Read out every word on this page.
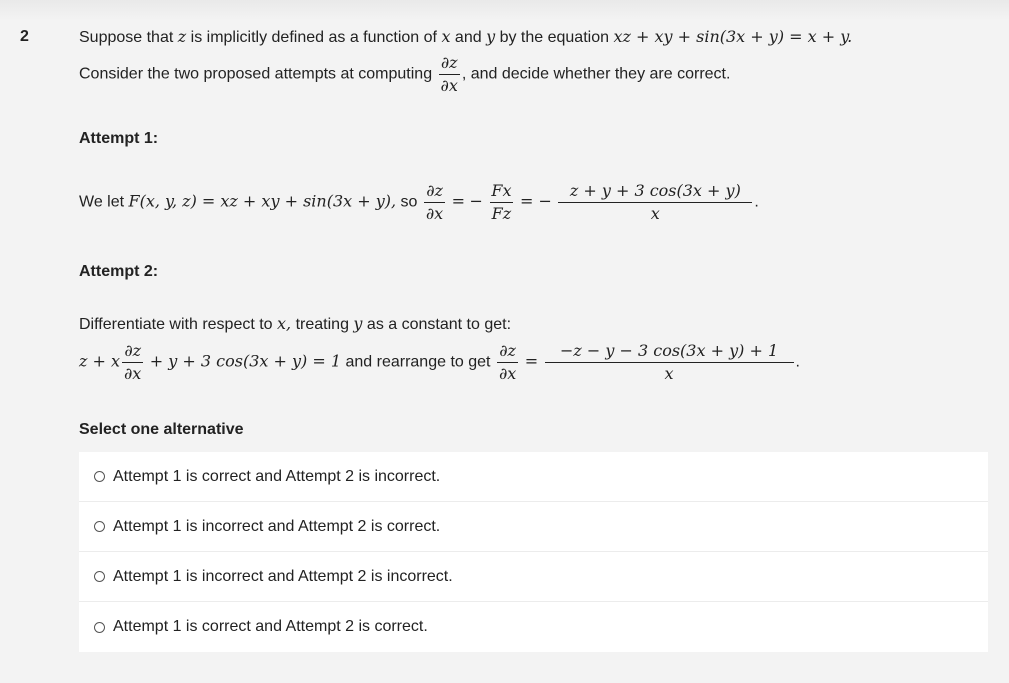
2	Suppose that z is implicitly defined as a function of x and y by the equation xz + xy + sin(3x + y) = x + y.
Consider the two proposed attempts at computing $\frac{\partial z}{\partial x}$ , and decide whether they are correct.
Attempt 1:
We let F(x, y, z) = xz + xy + sin(3x + y), so $\frac{\partial z}{\partial x}$ = − $\frac{Fx}{Fz}$ = − $\frac{z + y + 3 \cos(3x + y)}{x}$ .
Attempt 2:
Differentiate with respect to x, treating y as a constant to get:
z + x $\frac{\partial z}{\partial x} + y + 3$ cos(3x + y) = 1 and rearrange to get $\frac{\partial z}{\partial x} = \frac{-z - y - 3 \cos(3x + y) + 1}{x}$ .
Select one alternative
Attempt 1 is correct and Attempt 2 is incorrect.
Attempt 1 is incorrect and Attempt 2 is correct.
Attempt 1 is incorrect and Attempt 2 is incorrect.
Attempt 1 is correct and Attempt 2 is correct.
